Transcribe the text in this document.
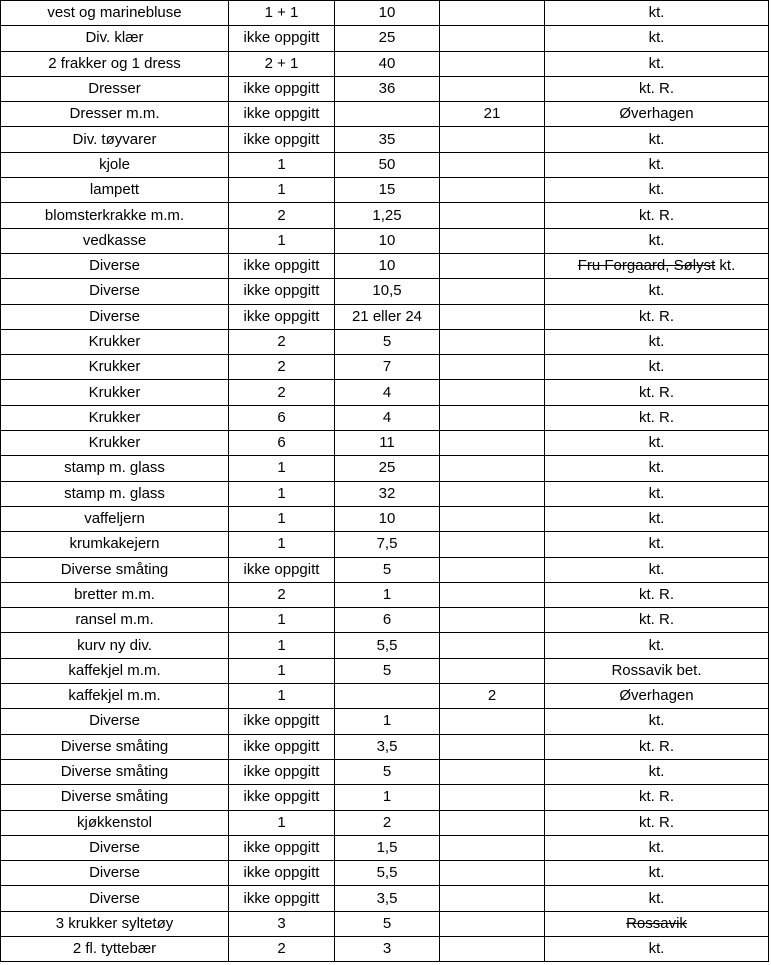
vest og marinebluse	1 + 1	10		kt.
Div. klær	ikke oppgitt	25		kt.
2 frakker og 1 dress	2 + 1	40		kt.
Dresser	ikke oppgitt	36		kt. R.
Dresser m.m.	ikke oppgitt		21	Øverhagen
Div. tøyvarer	ikke oppgitt	35		kt.
kjole	1	50		kt.
lampett	1	15		kt.
blomsterkrakke m.m.	2	1,25		kt. R.
vedkasse	1	10		kt.
Diverse	ikke oppgitt	10		Fru Forgaard, Sølyst kt.
Diverse	ikke oppgitt	10,5		kt.
Diverse	ikke oppgitt	21 eller 24		kt. R.
Krukker	2	5		kt.
Krukker	2	7		kt.
Krukker	2	4		kt. R.
Krukker	6	4		kt. R.
Krukker	6	11		kt.
stamp m. glass	1	25		kt.
stamp m. glass	1	32		kt.
vaffeljern	1	10		kt.
krumkakejern	1	7,5		kt.
Diverse småting	ikke oppgitt	5		kt.
bretter m.m.	2	1		kt. R.
ransel m.m.	1	6		kt. R.
kurv ny div.	1	5,5		kt.
kaffekjel m.m.	1	5		Rossavik bet.
kaffekjel m.m.	1		2	Øverhagen
Diverse	ikke oppgitt	1		kt.
Diverse småting	ikke oppgitt	3,5		kt. R.
Diverse småting	ikke oppgitt	5		kt.
Diverse småting	ikke oppgitt	1		kt. R.
kjøkkenstol	1	2		kt. R.
Diverse	ikke oppgitt	1,5		kt.
Diverse	ikke oppgitt	5,5		kt.
Diverse	ikke oppgitt	3,5		kt.
3 krukker syltetøy	3	5		Rossavik
2 fl. tyttebær	2	3		kt.
